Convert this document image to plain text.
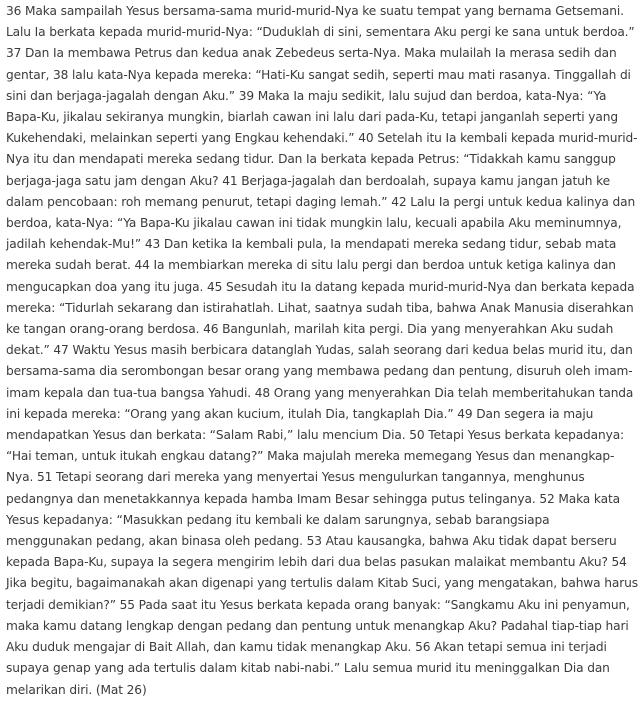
36 Maka sampailah Yesus bersama-sama murid-murid-Nya ke suatu tempat yang bernama Getsemani. Lalu Ia berkata kepada murid-murid-Nya: “Duduklah di sini, sementara Aku pergi ke sana untuk berdoa.” 37 Dan Ia membawa Petrus dan kedua anak Zebedeus serta-Nya. Maka mulailah Ia merasa sedih dan gentar, 38 lalu kata-Nya kepada mereka: “Hati-Ku sangat sedih, seperti mau mati rasanya. Tinggallah di sini dan berjaga-jagalah dengan Aku.” 39 Maka Ia maju sedikit, lalu sujud dan berdoa, kata-Nya: “Ya Bapa-Ku, jikalau sekiranya mungkin, biarlah cawan ini lalu dari pada-Ku, tetapi janganlah seperti yang Kukehendaki, melainkan seperti yang Engkau kehendaki.” 40 Setelah itu Ia kembali kepada murid-murid-Nya itu dan mendapati mereka sedang tidur. Dan Ia berkata kepada Petrus: “Tidakkah kamu sanggup berjaga-jaga satu jam dengan Aku? 41 Berjaga-jagalah dan berdoalah, supaya kamu jangan jatuh ke dalam pencobaan: roh memang penurut, tetapi daging lemah.” 42 Lalu Ia pergi untuk kedua kalinya dan berdoa, kata-Nya: “Ya Bapa-Ku jikalau cawan ini tidak mungkin lalu, kecuali apabila Aku meminumnya, jadilah kehendak-Mu!” 43 Dan ketika Ia kembali pula, Ia mendapati mereka sedang tidur, sebab mata mereka sudah berat. 44 Ia membiarkan mereka di situ lalu pergi dan berdoa untuk ketiga kalinya dan mengucapkan doa yang itu juga. 45 Sesudah itu Ia datang kepada murid-murid-Nya dan berkata kepada mereka: “Tidurlah sekarang dan istirahatlah. Lihat, saatnya sudah tiba, bahwa Anak Manusia diserahkan ke tangan orang-orang berdosa. 46 Bangunlah, marilah kita pergi. Dia yang menyerahkan Aku sudah dekat.” 47 Waktu Yesus masih berbicara datanglah Yudas, salah seorang dari kedua belas murid itu, dan bersama-sama dia serombongan besar orang yang membawa pedang dan pentung, disuruh oleh imam-imam kepala dan tua-tua bangsa Yahudi. 48 Orang yang menyerahkan Dia telah memberitahukan tanda ini kepada mereka: “Orang yang akan kucium, itulah Dia, tangkaplah Dia.” 49 Dan segera ia maju mendapatkan Yesus dan berkata: “Salam Rabi,” lalu mencium Dia. 50 Tetapi Yesus berkata kepadanya: “Hai teman, untuk itukah engkau datang?” Maka majulah mereka memegang Yesus dan menangkap-Nya. 51 Tetapi seorang dari mereka yang menyertai Yesus mengulurkan tangannya, menghunus pedangnya dan menetakkannya kepada hamba Imam Besar sehingga putus telinganya. 52 Maka kata Yesus kepadanya: “Masukkan pedang itu kembali ke dalam sarungnya, sebab barangsiapa menggunakan pedang, akan binasa oleh pedang. 53 Atau kausangka, bahwa Aku tidak dapat berseru kepada Bapa-Ku, supaya Ia segera mengirim lebih dari dua belas pasukan malaikat membantu Aku? 54 Jika begitu, bagaimanakah akan digenapi yang tertulis dalam Kitab Suci, yang mengatakan, bahwa harus terjadi demikian?” 55 Pada saat itu Yesus berkata kepada orang banyak: “Sangkamu Aku ini penyamun, maka kamu datang lengkap dengan pedang dan pentung untuk menangkap Aku? Padahal tiap-tiap hari Aku duduk mengajar di Bait Allah, dan kamu tidak menangkap Aku. 56 Akan tetapi semua ini terjadi supaya genap yang ada tertulis dalam kitab nabi-nabi.” Lalu semua murid itu meninggalkan Dia dan melarikan diri. (Mat 26)
